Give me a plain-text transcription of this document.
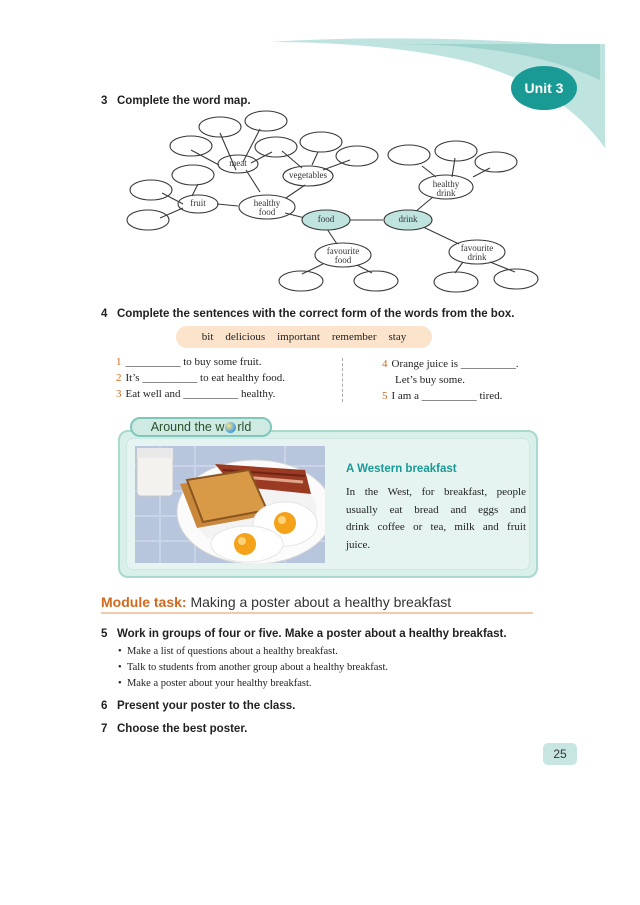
Unit 3
3 Complete the word map.
meat
vegetables
healthy
drink
fruit	healthy
food
food	drink
favourite
food
favourite
drink
4 Complete the sentences with the correct form of the words from the box.
bit delicious important remember stay
1 __________ to buy some fruit.
2 It’s __________ to eat healthy food.
3 Eat well and __________ healthy.
4 Orange juice is __________.
Let’s buy some.
5 I am a __________ tired.
Around the w rld
A Western breakfast
In the West, for breakfast, people
usually eat bread and eggs and
drink coffee or tea, milk and fruit
juice.
Module task: Making a poster about a healthy breakfast
5 Work in groups of four or five. Make a poster about a healthy breakfast.
•  Make a list of questions about a healthy breakfast.
•  Talk to students from another group about a healthy breakfast.
•  Make a poster about your healthy breakfast.
6 Present your poster to the class.
7 Choose the best poster.
25
